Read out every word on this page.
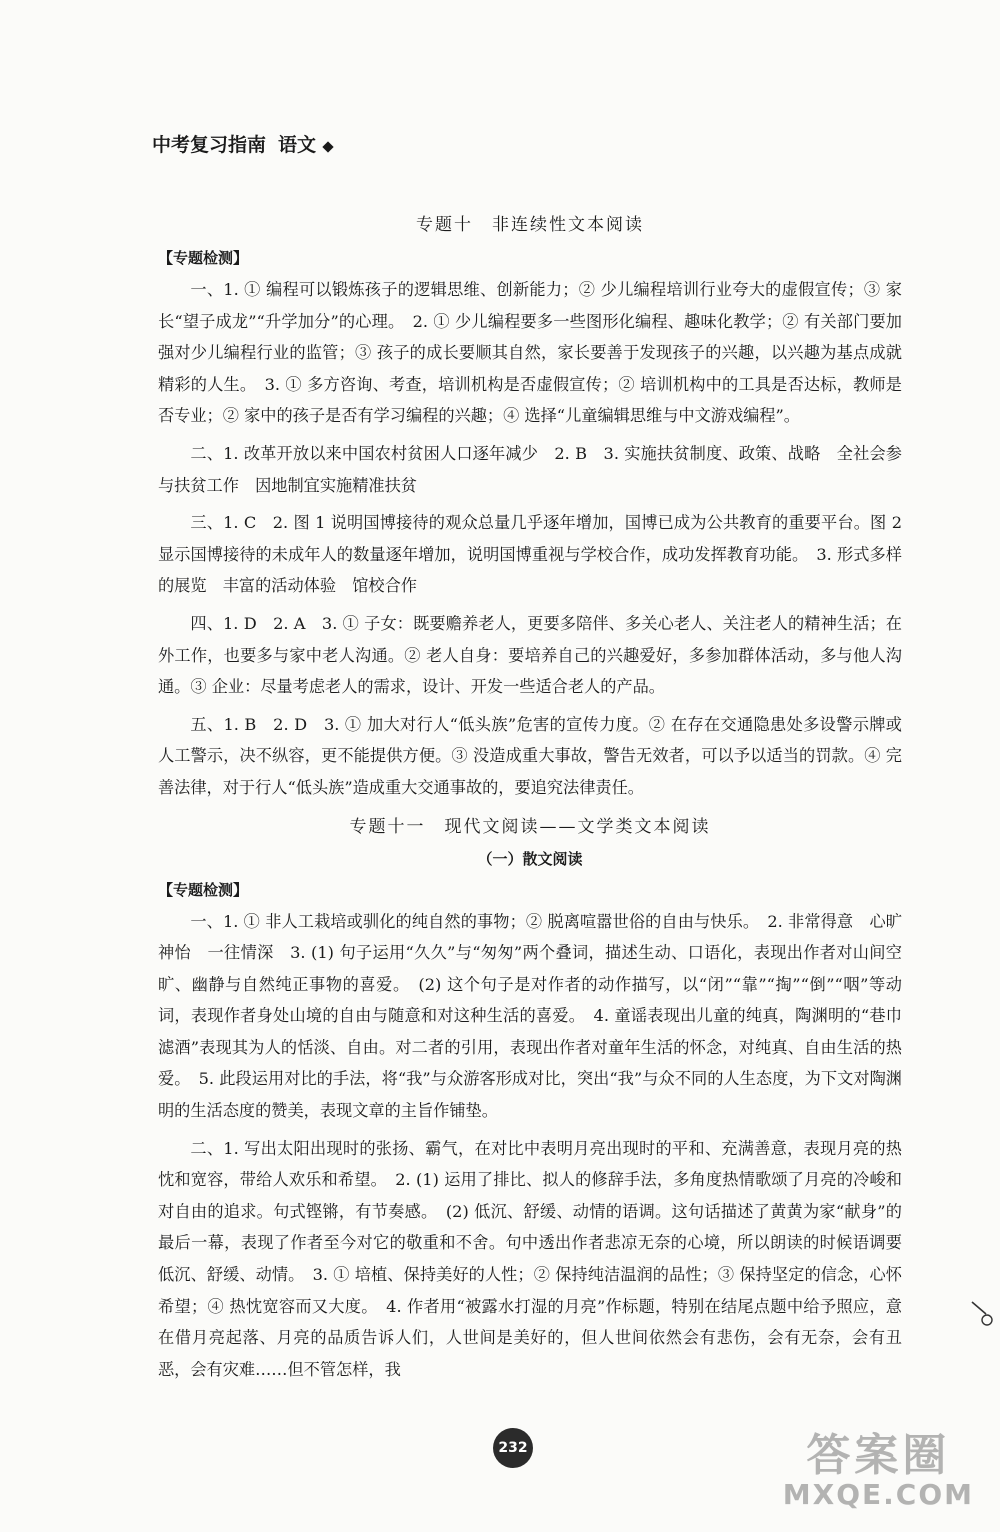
中考复习指南 语文
专题十　非连续性文本阅读
【专题检测】

一、1. ① 编程可以锻炼孩子的逻辑思维、创新能力；② 少儿编程培训行业夸大的虚假宣传；③ 家长“望子成龙”“升学加分”的心理。　2. ① 少儿编程要多一些图形化编程、趣味化教学；② 有关部门要加强对少儿编程行业的监管；③ 孩子的成长要顺其自然，家长要善于发现孩子的兴趣，以兴趣为基点成就精彩的人生。　3. ① 多方咨询、考查，培训机构是否虚假宣传；② 培训机构中的工具是否达标，教师是否专业；② 家中的孩子是否有学习编程的兴趣；④ 选择“儿童编辑思维与中文游戏编程”。

二、1. 改革开放以来中国农村贫困人口逐年减少　2. B　3. 实施扶贫制度、政策、战略　全社会参与扶贫工作　因地制宜实施精准扶贫

三、1. C　2. 图 1 说明国博接待的观众总量几乎逐年增加，国博已成为公共教育的重要平台。图 2 显示国博接待的未成年人的数量逐年增加，说明国博重视与学校合作，成功发挥教育功能。　3. 形式多样的展览　丰富的活动体验　馆校合作

四、1. D　2. A　3. ① 子女：既要赡养老人，更要多陪伴、多关心老人、关注老人的精神生活；在外工作，也要多与家中老人沟通。② 老人自身：要培养自己的兴趣爱好，多参加群体活动，多与他人沟通。③ 企业：尽量考虑老人的需求，设计、开发一些适合老人的产品。

五、1. B　2. D　3. ① 加大对行人“低头族”危害的宣传力度。② 在存在交通隐患处多设警示牌或人工警示，决不纵容，更不能提供方便。③ 没造成重大事故，警告无效者，可以予以适当的罚款。④ 完善法律，对于行人“低头族”造成重大交通事故的，要追究法律责任。

专题十一　现代文阅读——文学类文本阅读
（一）散文阅读
【专题检测】

一、1. ① 非人工栽培或驯化的纯自然的事物；② 脱离喧嚣世俗的自由与快乐。　2. 非常得意　心旷神怡　一往情深　3. (1) 句子运用“久久”与“匆匆”两个叠词，描述生动、口语化，表现出作者对山间空旷、幽静与自然纯正事物的喜爱。　(2) 这个句子是对作者的动作描写，以“闭”“靠”“掏”“倒”“咽”等动词，表现作者身处山境的自由与随意和对这种生活的喜爱。　4. 童谣表现出儿童的纯真，陶渊明的“巷巾滤酒”表现其为人的恬淡、自由。对二者的引用，表现出作者对童年生活的怀念，对纯真、自由生活的热爱。　5. 此段运用对比的手法，将“我”与众游客形成对比，突出“我”与众不同的人生态度，为下文对陶渊明的生活态度的赞美，表现文章的主旨作铺垫。

二、1. 写出太阳出现时的张扬、霸气，在对比中表明月亮出现时的平和、充满善意，表现月亮的热忱和宽容，带给人欢乐和希望。　2. (1) 运用了排比、拟人的修辞手法，多角度热情歌颂了月亮的冷峻和对自由的追求。句式铿锵，有节奏感。　(2) 低沉、舒缓、动情的语调。这句话描述了黄黄为家“献身”的最后一幕，表现了作者至今对它的敬重和不舍。句中透出作者悲凉无奈的心境，所以朗读的时候语调要低沉、舒缓、动情。　3. ① 培植、保持美好的人性；② 保持纯洁温润的品性；③ 保持坚定的信念，心怀希望；④ 热忱宽容而又大度。　4. 作者用“被露水打湿的月亮”作标题，特别在结尾点题中给予照应，意在借月亮起落、月亮的品质告诉人们，人世间是美好的，但人世间依然会有悲伤，会有无奈，会有丑恶，会有灾难……但不管怎样，我

232	答案圈
MXQE.COM
